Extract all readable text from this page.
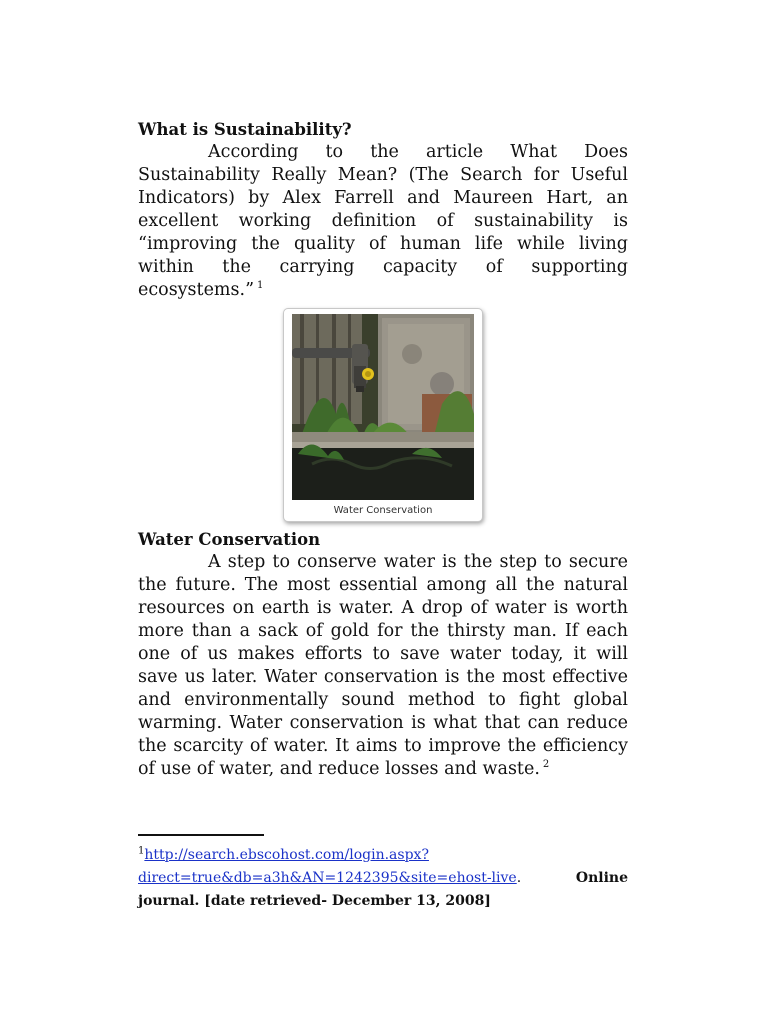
What is Sustainability?

According to the article What Does Sustainability Really Mean? (The Search for Useful Indicators) by Alex Farrell and Maureen Hart, an excellent working definition of sustainability is “improving the quality of human life while living within the carrying capacity of supporting ecosystems.” $^1$

Water Conservation
Water Conservation

A step to conserve water is the step to secure the future. The most essential among all the natural resources on earth is water. A drop of water is worth more than a sack of gold for the thirsty man. If each one of us makes efforts to save water today, it will save us later. Water conservation is the most effective and environmentally sound method to fight global warming. Water conservation is what that can reduce the scarcity of water. It aims to improve the efficiency of use of water, and reduce losses and waste. $^2$

$^1$http://search.ebscohost.com/login.aspx?
direct=true&db=a3h&AN=1242395&site=ehost-live.	Online journal. [date retrieved- December 13, 2008]
